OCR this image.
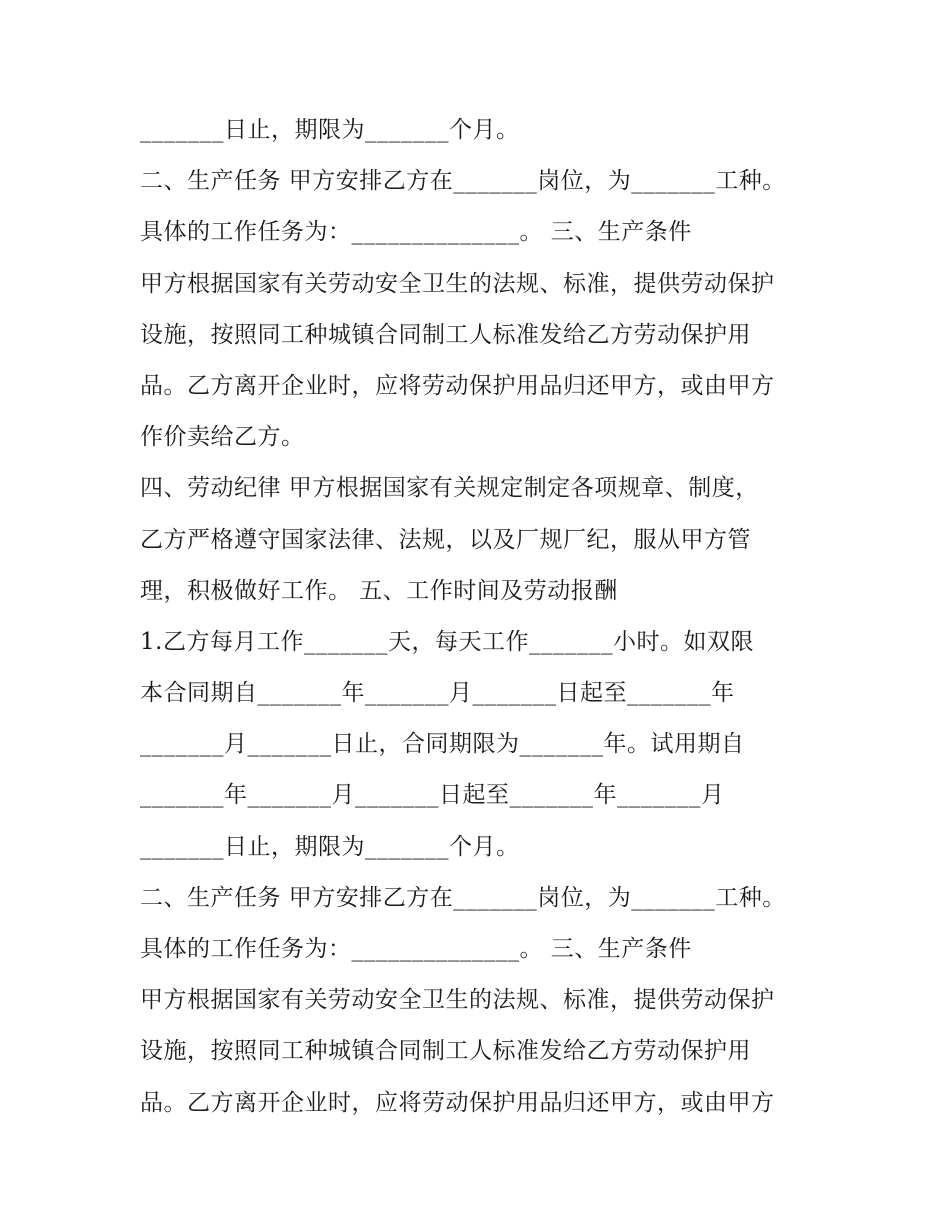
_______日止，期限为_______个月。
二、生产任务 甲方安排乙方在_______岗位，为_______工种。
具体的工作任务为：______________。 三、生产条件
甲方根据国家有关劳动安全卫生的法规、标准，提供劳动保护
设施，按照同工种城镇合同制工人标准发给乙方劳动保护用
品。乙方离开企业时，应将劳动保护用品归还甲方，或由甲方
作价卖给乙方。
四、劳动纪律 甲方根据国家有关规定制定各项规章、制度，
乙方严格遵守国家法律、法规，以及厂规厂纪，服从甲方管
理，积极做好工作。 五、工作时间及劳动报酬
1.乙方每月工作_______天，每天工作_______小时。如双限
本合同期自_______年_______月_______日起至_______年
_______月_______日止，合同期限为_______年。试用期自
_______年_______月_______日起至_______年_______月
_______日止，期限为_______个月。
二、生产任务 甲方安排乙方在_______岗位，为_______工种。
具体的工作任务为：______________。 三、生产条件
甲方根据国家有关劳动安全卫生的法规、标准，提供劳动保护
设施，按照同工种城镇合同制工人标准发给乙方劳动保护用
品。乙方离开企业时，应将劳动保护用品归还甲方，或由甲方
